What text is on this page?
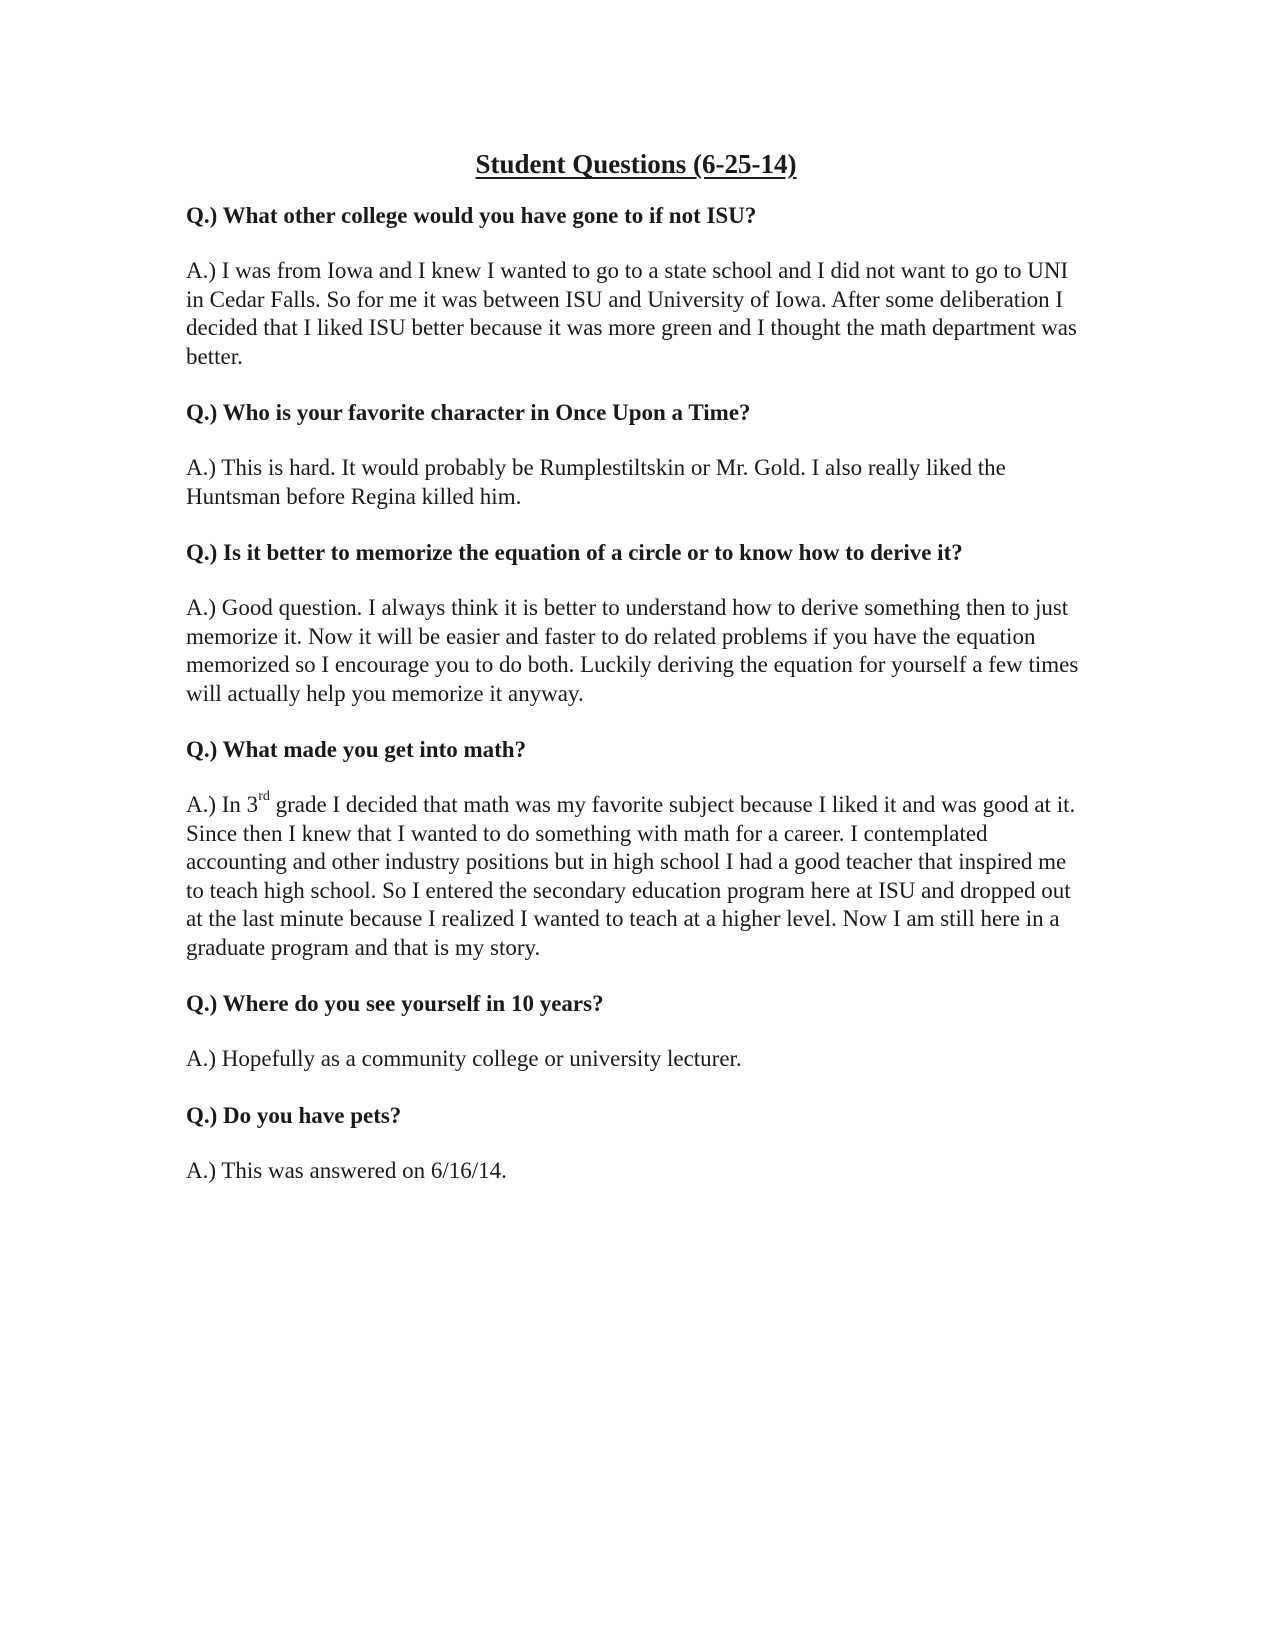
Student Questions (6-25-14)

Q.) What other college would you have gone to if not ISU?

A.) I was from Iowa and I knew I wanted to go to a state school and I did not want to go to UNI in Cedar Falls. So for me it was between ISU and University of Iowa. After some deliberation I decided that I liked ISU better because it was more green and I thought the math department was better.

Q.) Who is your favorite character in Once Upon a Time?

A.) This is hard. It would probably be Rumplestiltskin or Mr. Gold. I also really liked the Huntsman before Regina killed him.

Q.) Is it better to memorize the equation of a circle or to know how to derive it?

A.) Good question. I always think it is better to understand how to derive something then to just memorize it. Now it will be easier and faster to do related problems if you have the equation memorized so I encourage you to do both. Luckily deriving the equation for yourself a few times will actually help you memorize it anyway.

Q.) What made you get into math?

A.) In 3rd grade I decided that math was my favorite subject because I liked it and was good at it. Since then I knew that I wanted to do something with math for a career. I contemplated accounting and other industry positions but in high school I had a good teacher that inspired me to teach high school. So I entered the secondary education program here at ISU and dropped out at the last minute because I realized I wanted to teach at a higher level. Now I am still here in a graduate program and that is my story.

Q.) Where do you see yourself in 10 years?

A.) Hopefully as a community college or university lecturer.

Q.) Do you have pets?

A.) This was answered on 6/16/14.
